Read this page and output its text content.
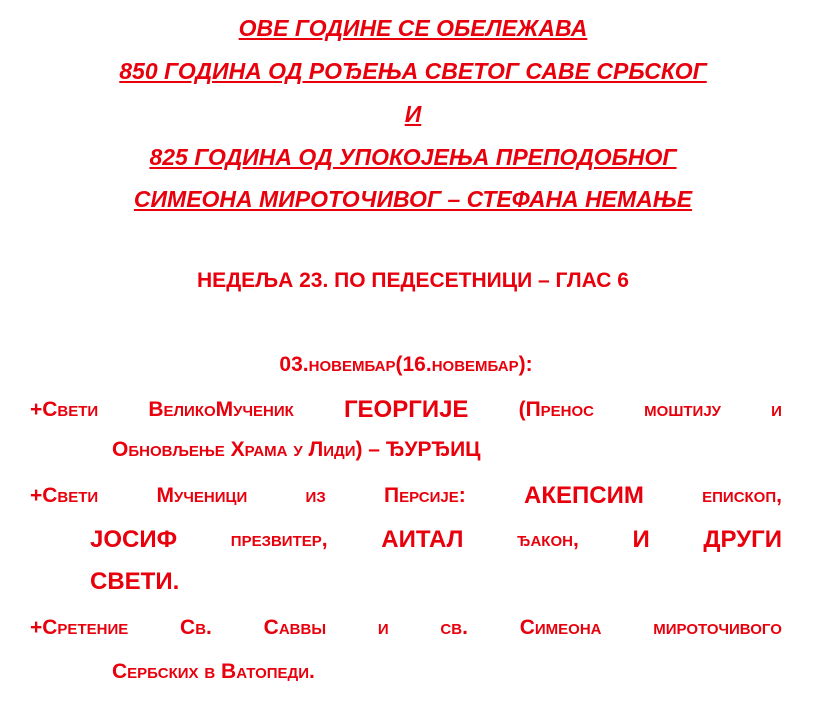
ОВЕ ГОДИНЕ СЕ ОБЕЛЕЖАВА
850 ГОДИНА ОД РОЂЕЊА СВЕТОГ САВЕ СРБСКОГ
И
825 ГОДИНА ОД УПОКОЈЕЊА ПРЕПОДОБНОГ
СИМЕОНА МИРОТОЧИВОГ – СТЕФАНА НЕМАЊЕ
НЕДЕЉА 23. ПО ПЕДЕСЕТНИЦИ – ГЛАС 6
03.новембар(16.новембар):
+Свети ВеликоМученик ГЕОРГИЈЕ (Пренос моштију и
Обновљење Храма у Лиди) – ЂУРЂИЦ
+Свети	Мученици	из	Персије: АКЕПСИМ	епископ,
ЈОСИФ	презвитер, АИТАЛ	ђакон, И ДРУГИ
СВЕТИ.
+Сретение Св. Саввы и св. Симеона мироточивого
Сербских в Ватопеди.
